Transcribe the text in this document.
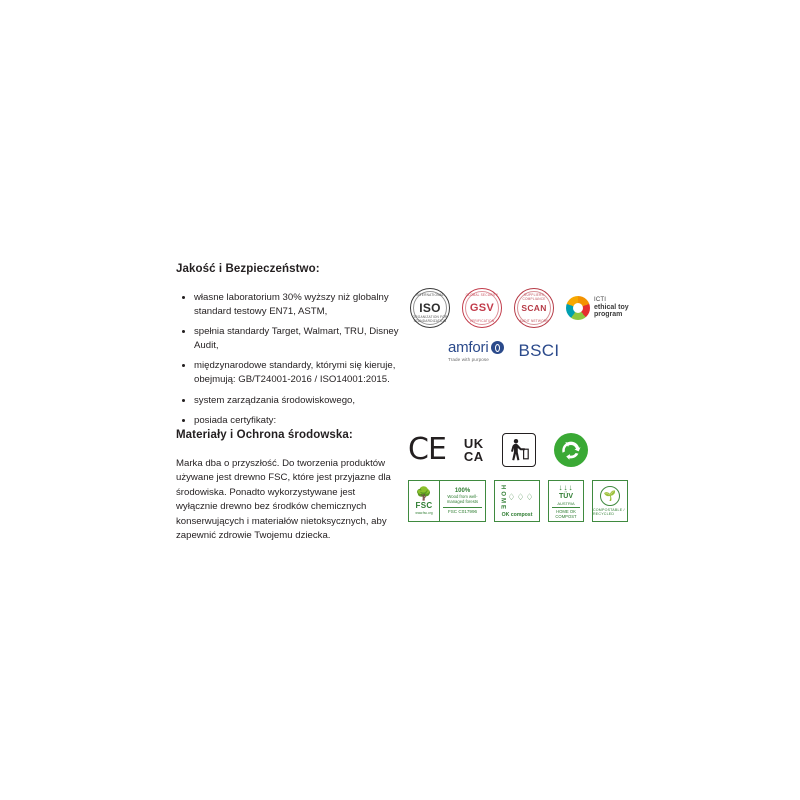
Jakość i Bezpieczeństwo:
własne laboratorium 30% wyższy niż globalny standard testowy EN71, ASTM,
spełnia standardy Target, Walmart, TRU, Disney Audit,
międzynarodowe standardy, którymi się kieruje, obejmują: GB/T24001-2016 / ISO14001:2015.
system zarządzania środowiskowego,
posiada certyfikaty:
INTERNATIONAL
ISO
ORGANIZATION FOR STANDARDIZATION
GLOBAL SECURITY
GSV
VERIFICATION
SUPPLIERS COMPLIANCE
SCAN
AUDIT NETWORK
ICTI
ethical toy
program
amfori
Trade with purpose BSCI
Materiały i Ochrona środowska:

Marka dba o przyszłość. Do tworzenia produktów używane jest drewno FSC, które jest przyjazne dla środowiska. Ponadto wykorzystywane jest wyłącznie drewno bez środków chemicznych konserwujących i materiałów nietoksycznych, aby zapewnić zdrowie Twojemu dziecka.

CE UK
CA
🌳
FSC
www.fsc.org
100%
Wood from well-managed forests
FSC C017996
HOME ♢♢♢
OK compost
↓↓↓
TÜV
AUSTRIA
HOME OK COMPOST
🌱
COMPOSTABLE / RECYCLED
